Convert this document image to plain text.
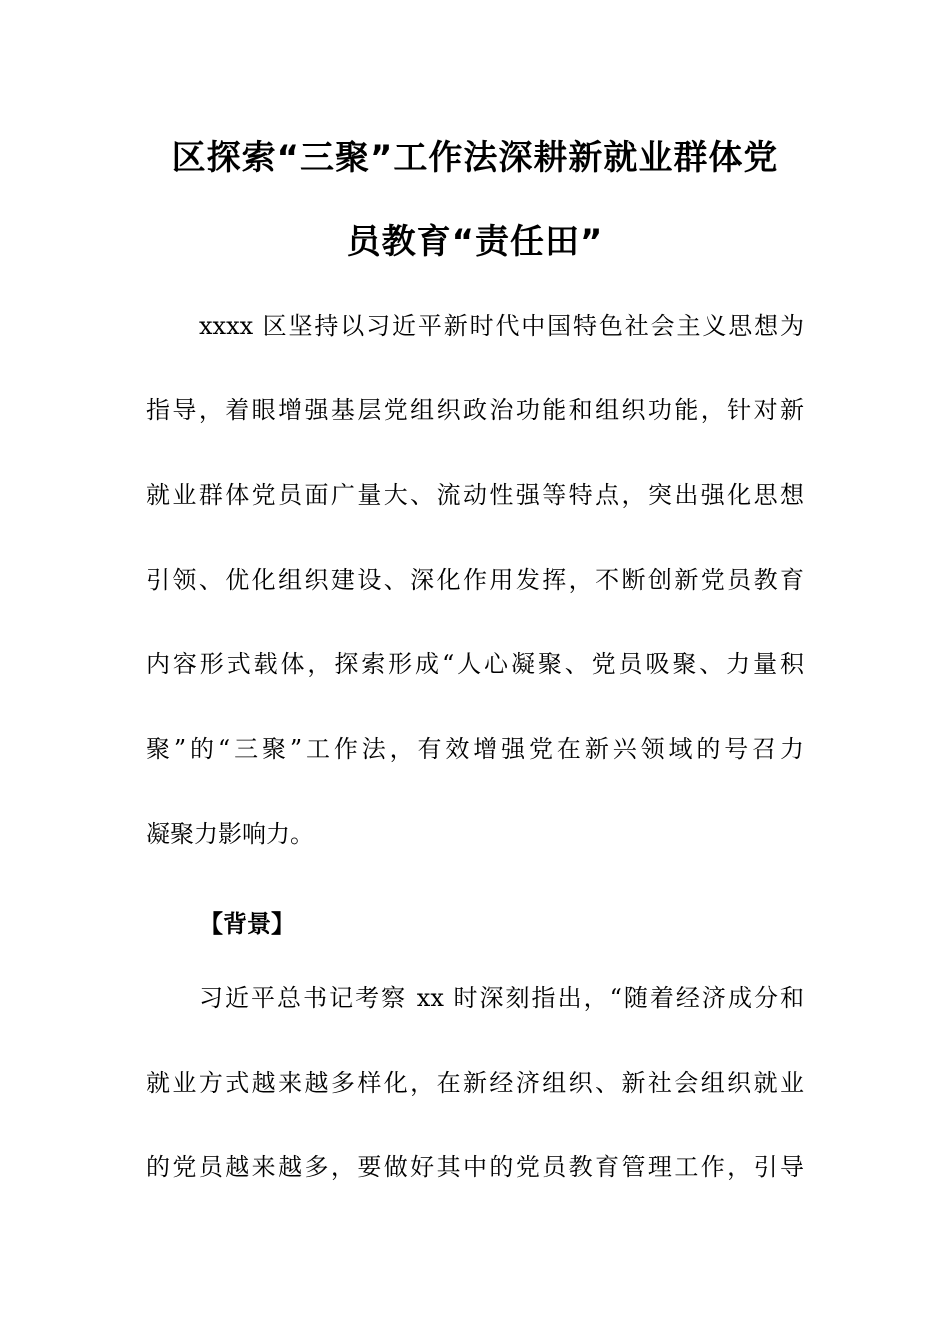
区探索“三聚”工作法深耕新就业群体党
员教育“责任田”
xxxx 区坚持以习近平新时代中国特色社会主义思想为
指导，着眼增强基层党组织政治功能和组织功能，针对新
就业群体党员面广量大、流动性强等特点，突出强化思想
引领、优化组织建设、深化作用发挥，不断创新党员教育
内容形式载体，探索形成“人心凝聚、党员吸聚、力量积
聚”的“三聚”工作法，有效增强党在新兴领域的号召力
凝聚力影响力。
【背景】
习近平总书记考察 xx 时深刻指出，“随着经济成分和
就业方式越来越多样化，在新经济组织、新社会组织就业
的党员越来越多，要做好其中的党员教育管理工作，引导
